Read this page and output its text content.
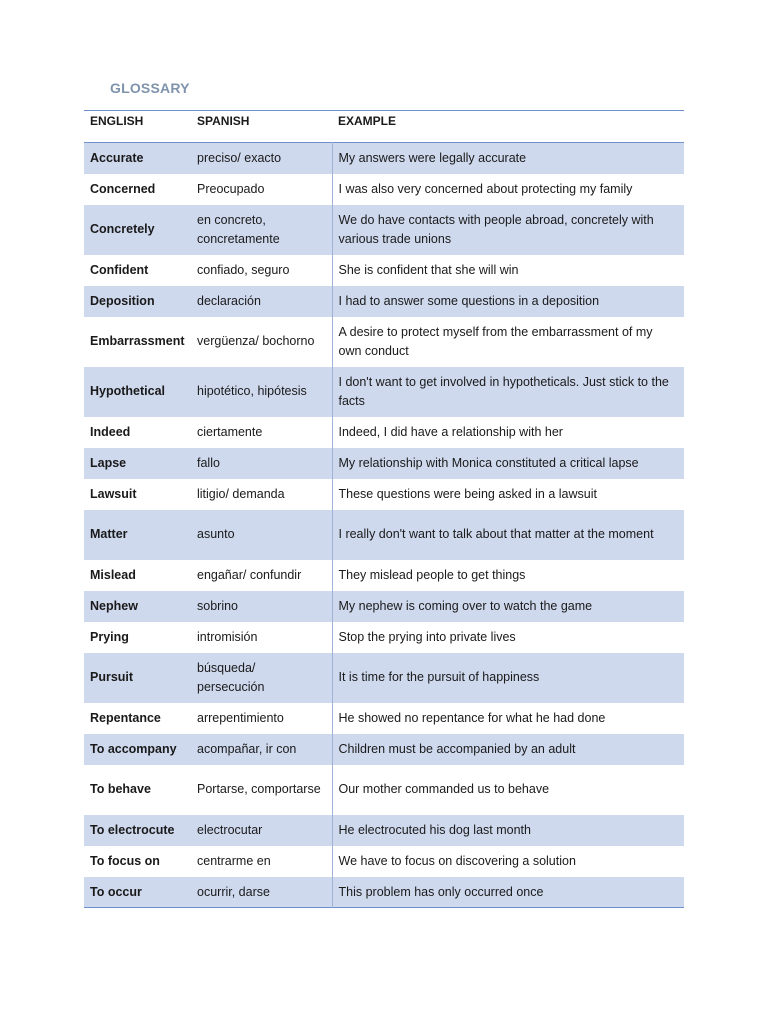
GLOSSARY
ENGLISH	SPANISH	EXAMPLE
Accurate	preciso/ exacto	My answers were legally accurate
Concerned	Preocupado	I was also very concerned about protecting my family
Concretely	en concreto, concretamente	We do have contacts with people abroad, concretely with various trade unions
Confident	confiado, seguro	She is confident that she will win
Deposition	declaración	I had to answer some questions in a deposition
Embarrassment	vergüenza/ bochorno	A desire to protect myself from the embarrassment of my own conduct
Hypothetical	hipotético, hipótesis	I don't want to get involved in hypotheticals. Just stick to the facts
Indeed	ciertamente	Indeed, I did have a relationship with her
Lapse	fallo	My relationship with Monica constituted a critical lapse
Lawsuit	litigio/ demanda	These questions were being asked in a lawsuit
Matter	asunto	I really don't want to talk about that matter at the moment
Mislead	engañar/ confundir	They mislead people to get things
Nephew	sobrino	My nephew is coming over to watch the game
Prying	intromisión	Stop the prying into private lives
Pursuit	búsqueda/ persecución	It is time for the pursuit of happiness
Repentance	arrepentimiento	He showed no repentance for what he had done
To accompany	acompañar, ir con	Children must be accompanied by an adult
To behave	Portarse, comportarse	Our mother commanded us to behave
To electrocute	electrocutar	He electrocuted his dog last month
To focus on	centrarme en	We have to focus on discovering a solution
To occur	ocurrir, darse	This problem has only occurred once
